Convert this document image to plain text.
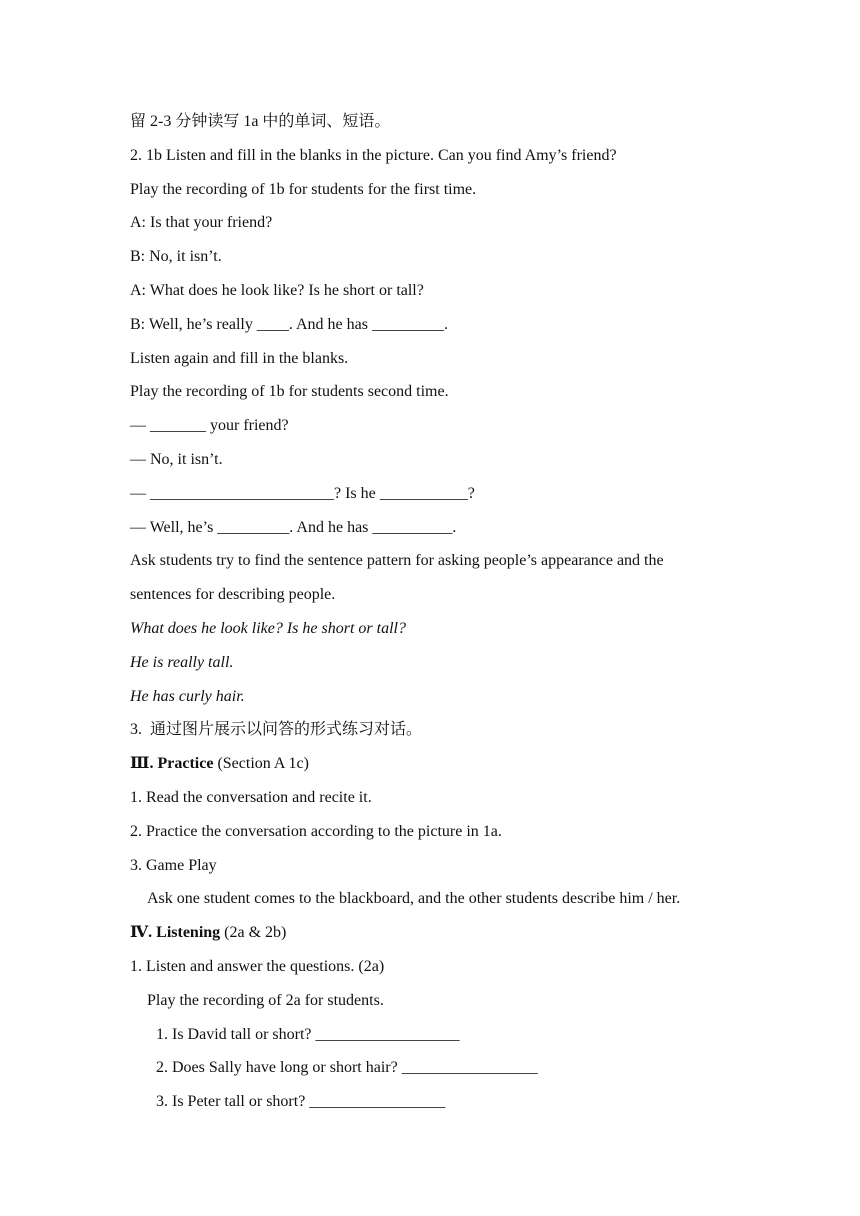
留 2-3 分钟读写 1a 中的单词、短语。
2. 1b Listen and fill in the blanks in the picture. Can you find Amy’s friend?
Play the recording of 1b for students for the first time.
A: Is that your friend?
B: No, it isn’t.
A: What does he look like? Is he short or tall?
B: Well, he’s really ____. And he has _________.
Listen again and fill in the blanks.
Play the recording of 1b for students second time.
— _______ your friend?
— No, it isn’t.
— _______________________? Is he ___________?
— Well, he’s _________. And he has __________.
Ask students try to find the sentence pattern for asking people’s appearance and the
sentences for describing people.
What does he look like? Is he short or tall?
He is really tall.
He has curly hair.
3.  通过图片展示以问答的形式练习对话。
Ⅲ. Practice (Section A 1c)
1. Read the conversation and recite it.
2. Practice the conversation according to the picture in 1a.
3. Game Play
Ask one student comes to the blackboard, and the other students describe him / her.
Ⅳ. Listening (2a & 2b)
1. Listen and answer the questions. (2a)
Play the recording of 2a for students.
1. Is David tall or short? __________________
2. Does Sally have long or short hair? _________________
3. Is Peter tall or short? _________________
